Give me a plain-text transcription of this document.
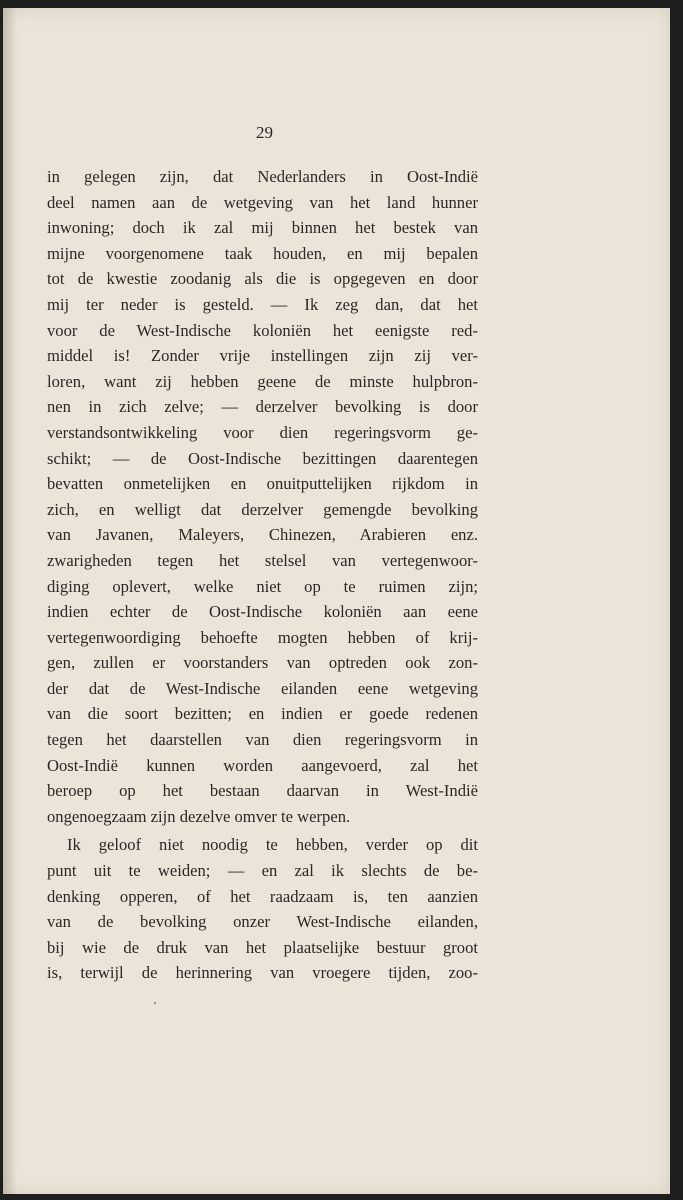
29
in gelegen zijn, dat Nederlanders in Oost-Indië
deel namen aan de wetgeving van het land hunner
inwoning; doch ik zal mij binnen het bestek van
mijne voorgenomene taak houden, en mij bepalen
tot de kwestie zoodanig als die is opgegeven en door
mij ter neder is gesteld. — Ik zeg dan, dat het
voor de West-Indische koloniën het eenigste red-
middel is! Zonder vrije instellingen zijn zij ver-
loren, want zij hebben geene de minste hulpbron-
nen in zich zelve; — derzelver bevolking is door
verstandsontwikkeling voor dien regeringsvorm ge-
schikt; — de Oost-Indische bezittingen daarentegen
bevatten onmetelijken en onuitputtelijken rijkdom in
zich, en welligt dat derzelver gemengde bevolking
van Javanen, Maleyers, Chinezen, Arabieren enz.
zwarigheden tegen het stelsel van vertegenwoor-
diging oplevert, welke niet op te ruimen zijn;
indien echter de Oost-Indische koloniën aan eene
vertegenwoordiging behoefte mogten hebben of krij-
gen, zullen er voorstanders van optreden ook zon-
der dat de West-Indische eilanden eene wetgeving
van die soort bezitten; en indien er goede redenen
tegen het daarstellen van dien regeringsvorm in
Oost-Indië kunnen worden aangevoerd, zal het
beroep op het bestaan daarvan in West-Indië
ongenoegzaam zijn dezelve omver te werpen.
Ik geloof niet noodig te hebben, verder op dit
punt uit te weiden; — en zal ik slechts de be-
denking opperen, of het raadzaam is, ten aanzien
van de bevolking onzer West-Indische eilanden,
bij wie de druk van het plaatselijke bestuur groot
is, terwijl de herinnering van vroegere tijden, zoo-
